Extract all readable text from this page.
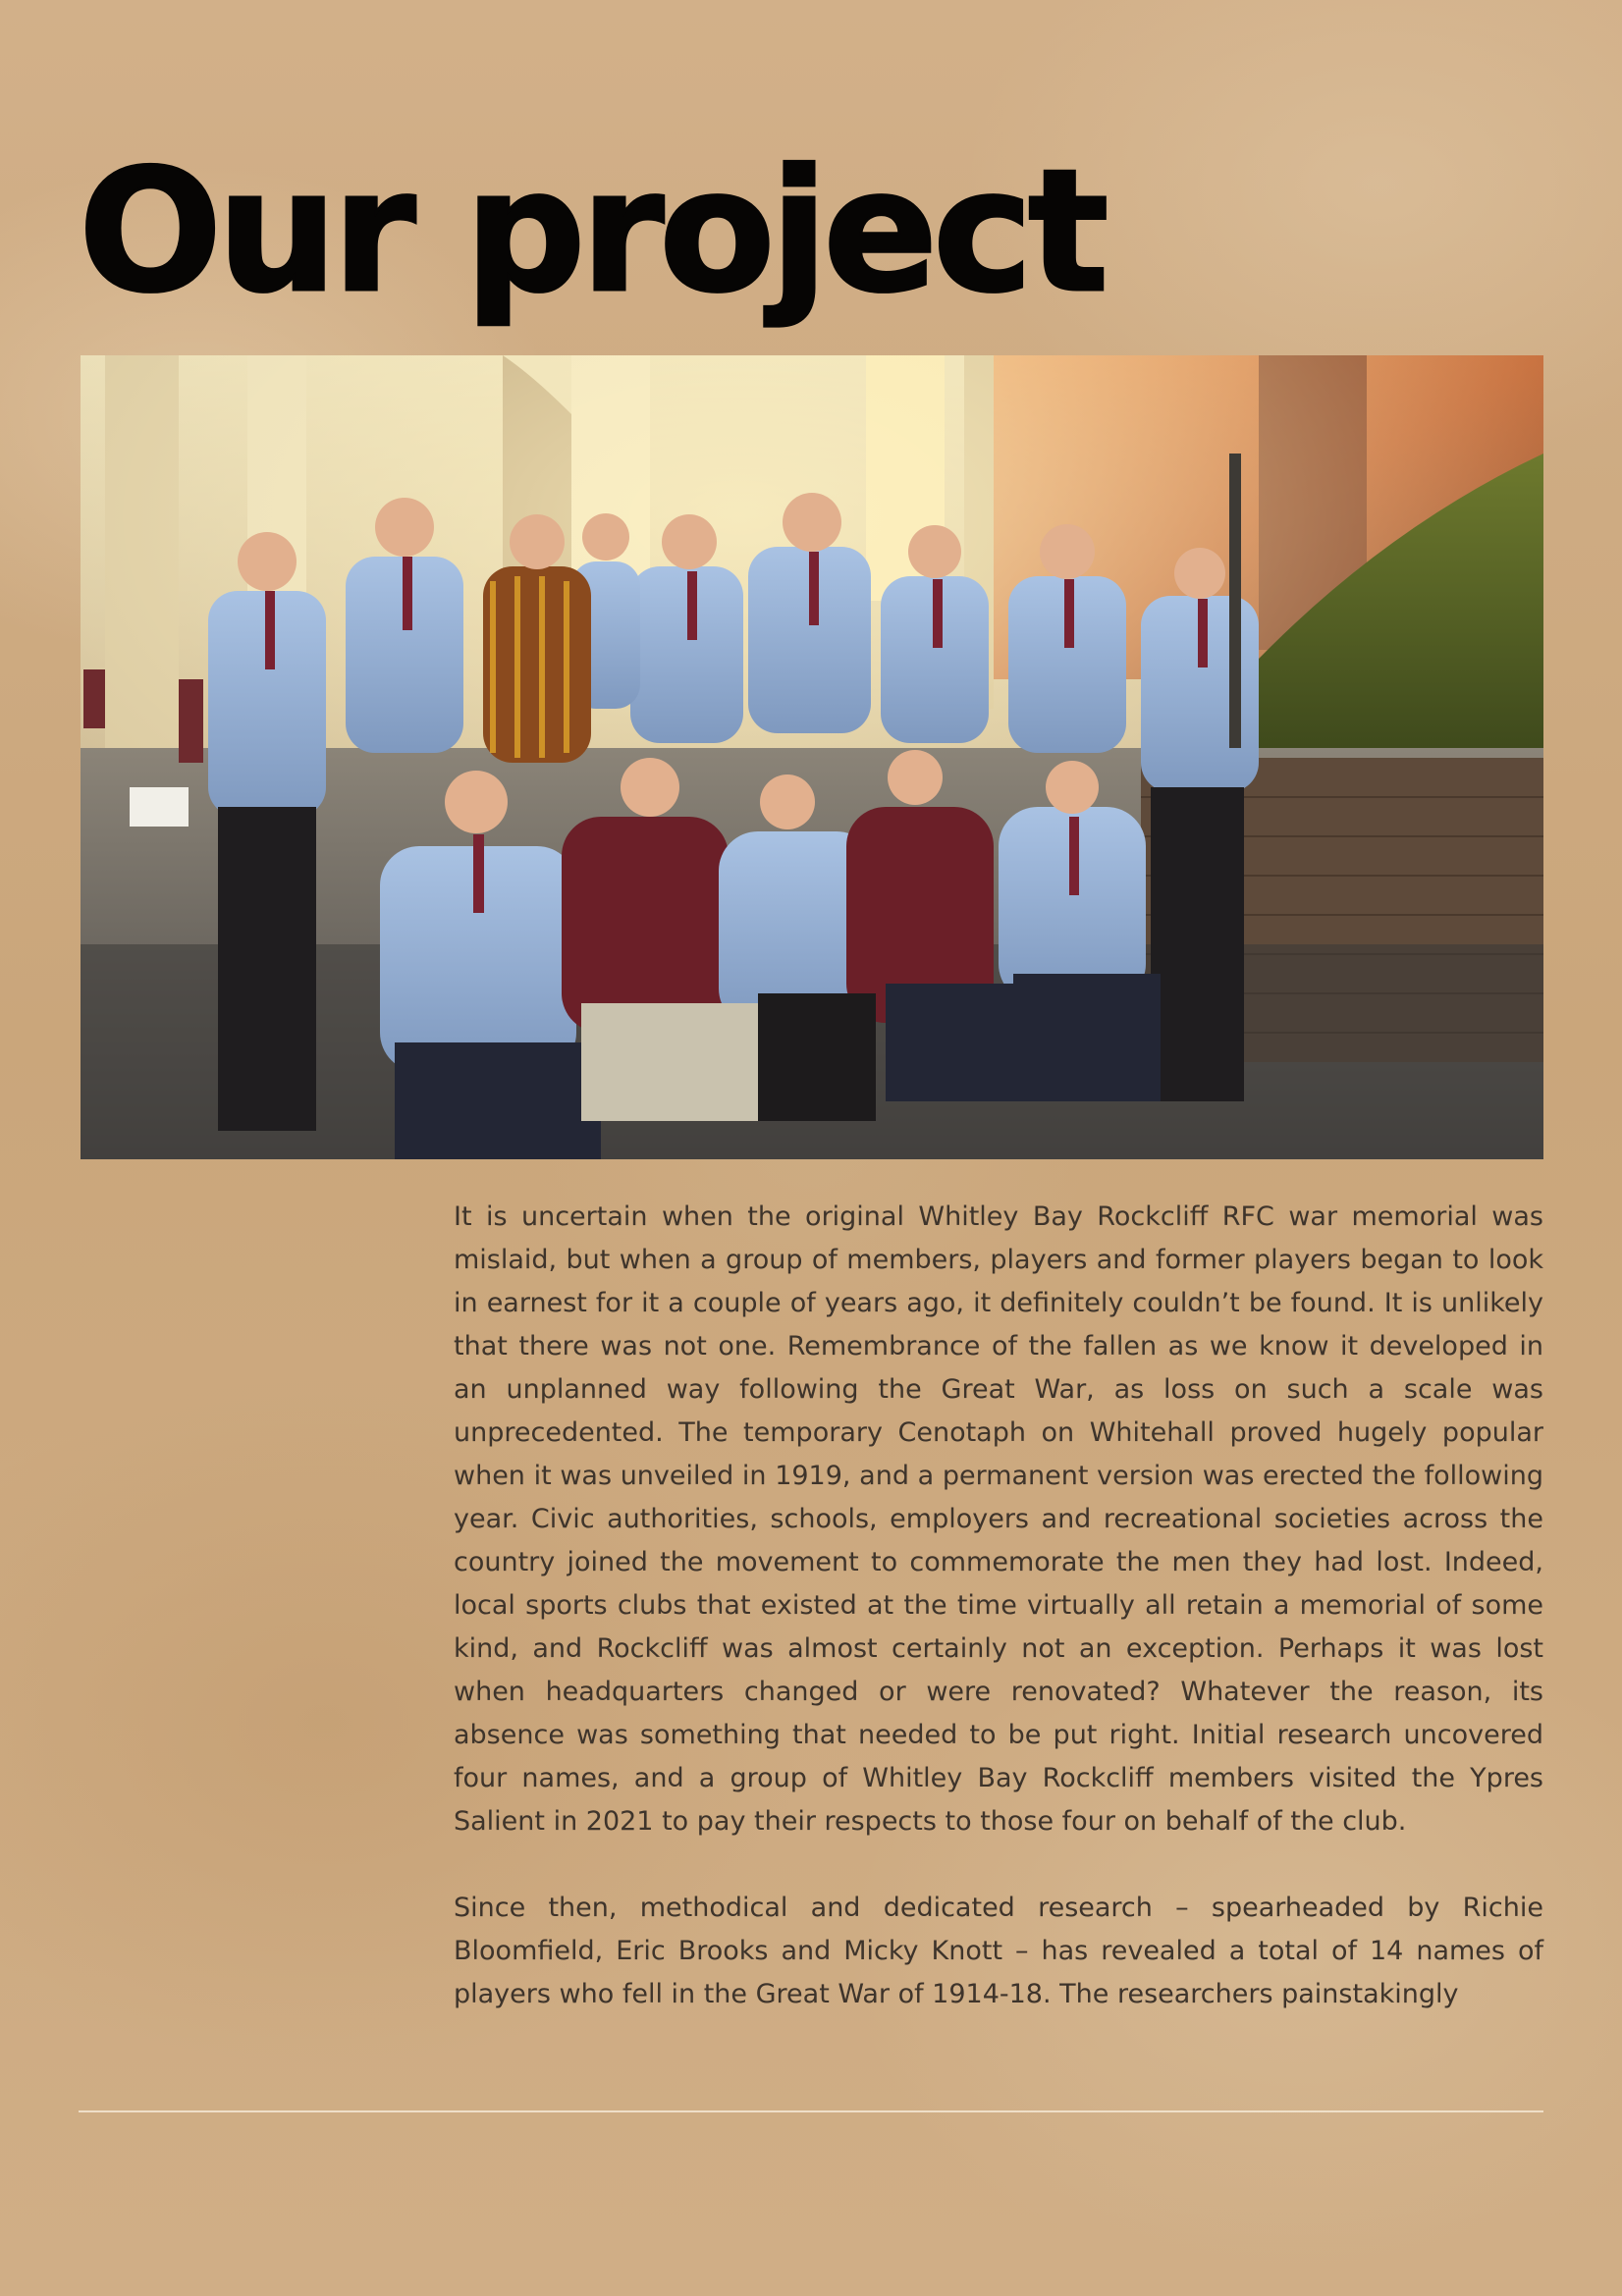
Our project

It is uncertain when the original Whitley Bay Rockcliff RFC war memorial was mislaid, but when a group of members, players and former players began to look in earnest for it a couple of years ago, it definitely couldn’t be found. It is unlikely that there was not one. Remembrance of the fallen as we know it developed in an unplanned way following the Great War, as loss on such a scale was unprecedented. The temporary Cenotaph on Whitehall proved hugely popular when it was unveiled in 1919, and a permanent version was erected the following year. Civic authorities, schools, employers and recreational societies across the country joined the movement to commemorate the men they had lost. Indeed, local sports clubs that existed at the time virtually all retain a memorial of some kind, and Rockcliff was almost certainly not an exception. Perhaps it was lost when headquarters changed or were renovated? Whatever the reason, its absence was something that needed to be put right. Initial research uncovered four names, and a group of Whitley Bay Rockcliff members visited the Ypres Salient in 2021 to pay their respects to those four on behalf of the club.

Since then, methodical and dedicated research – spearheaded by Richie Bloomfield, Eric Brooks and Micky Knott – has revealed a total of 14 names of players who fell in the Great War of 1914-18. The researchers painstakingly
